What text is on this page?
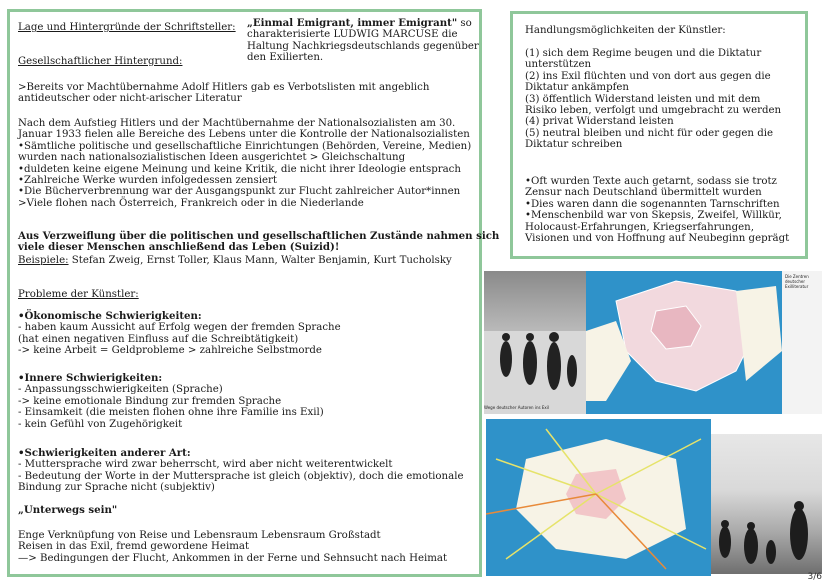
Lage und Hintergründe der Schriftsteller: „Einmal Emigrant, immer Emigrant" so
charakterisierte LUDWIG MARCUSE die
Haltung Nachkriegsdeutschlands gegenüber
den Exilierten.
Gesellschaftlicher Hintergrund:
>Bereits vor Machtübernahme Adolf Hitlers gab es Verbotslisten mit angeblich
antideutscher oder nicht-arischer Literatur
Nach dem Aufstieg Hitlers und der Machtübernahme der Nationalsozialisten am 30.
Januar 1933 fielen alle Bereiche des Lebens unter die Kontrolle der Nationalsozialisten
•Sämtliche politische und gesellschaftliche Einrichtungen (Behörden, Vereine, Medien)
wurden nach nationalsozialistischen Ideen ausgerichtet > Gleichschaltung
•duldeten keine eigene Meinung und keine Kritik, die nicht ihrer Ideologie entsprach
•Zahlreiche Werke wurden infolgedessen zensiert
•Die Bücherverbrennung war der Ausgangspunkt zur Flucht zahlreicher Autor*innen
>Viele flohen nach Österreich, Frankreich oder in die Niederlande
Aus Verzweiflung über die politischen und gesellschaftlichen Zustände nahmen sich
viele dieser Menschen anschließend das Leben (Suizid)!
Beispiele: Stefan Zweig, Ernst Toller, Klaus Mann, Walter Benjamin, Kurt Tucholsky
Probleme der Künstler:
•Ökonomische Schwierigkeiten:
- haben kaum Aussicht auf Erfolg wegen der fremden Sprache
(hat einen negativen Einfluss auf die Schreibtätigkeit)
-> keine Arbeit = Geldprobleme > zahlreiche Selbstmorde
•Innere Schwierigkeiten:
- Anpassungsschwierigkeiten (Sprache)
-> keine emotionale Bindung zur fremden Sprache
- Einsamkeit (die meisten flohen ohne ihre Familie ins Exil)
- kein Gefühl von Zugehörigkeit
•Schwierigkeiten anderer Art:
- Muttersprache wird zwar beherrscht, wird aber nicht weiterentwickelt
- Bedeutung der Worte in der Muttersprache ist gleich (objektiv), doch die emotionale
Bindung zur Sprache nicht (subjektiv)
„Unterwegs sein"
Enge Verknüpfung von Reise und Lebensraum Lebensraum Großstadt
Reisen in das Exil, fremd gewordene Heimat
—> Bedingungen der Flucht, Ankommen in der Ferne und Sehnsucht nach Heimat
Handlungsmöglichkeiten der Künstler:
(1) sich dem Regime beugen und die Diktatur
unterstützen
(2) ins Exil flüchten und von dort aus gegen die
Diktatur ankämpfen
(3) öffentlich Widerstand leisten und mit dem
Risiko leben, verfolgt und umgebracht zu werden
(4) privat Widerstand leisten
(5) neutral bleiben und nicht für oder gegen die
Diktatur schreiben
•Oft wurden Texte auch getarnt, sodass sie trotz
Zensur nach Deutschland übermittelt wurden
•Dies waren dann die sogenannten Tarnschriften
•Menschenbild war von Skepsis, Zweifel, Willkür,
Holocaust-Erfahrungen, Kriegserfahrungen,
Visionen und von Hoffnung auf Neubeginn geprägt
Die Zentren deutscher Exilliteratur
Wege deutscher Autoren ins Exil
3/6
